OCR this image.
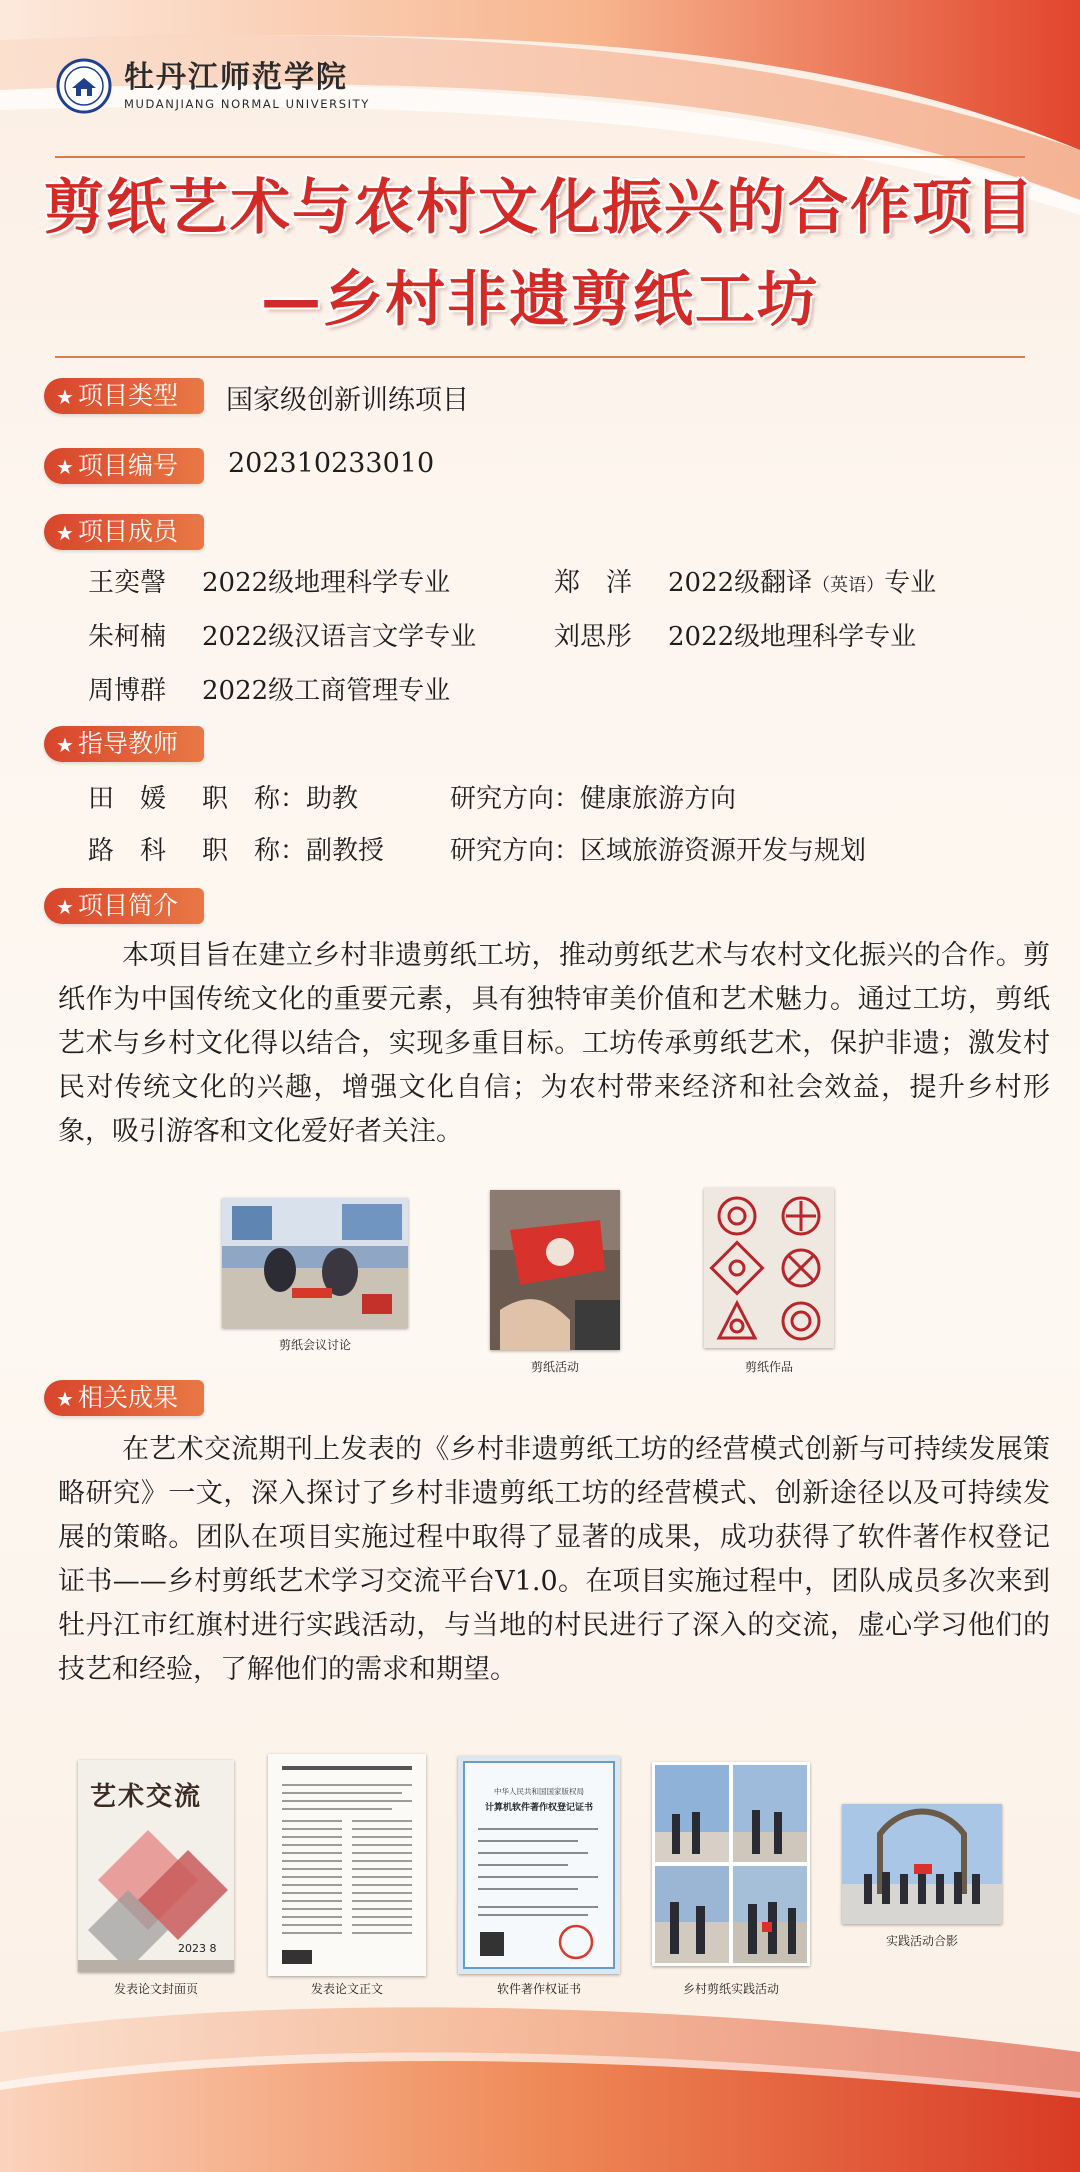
牡丹江师范学院
MUDANJIANG NORMAL UNIVERSITY
剪纸艺术与农村文化振兴的合作项目
—乡村非遗剪纸工坊
★ 项目类型	国家级创新训练项目
★ 项目编号	202310233010
★ 项目成员
王奕謦 2022级地理科学专业	郑　洋 2022级翻译（英语）专业
朱柯楠 2022级汉语言文学专业	刘思彤 2022级地理科学专业
周博群 2022级工商管理专业
★ 指导教师
田　媛 职　称：助教	研究方向：健康旅游方向
路　科 职　称：副教授	研究方向：区域旅游资源开发与规划
★ 项目简介
本项目旨在建立乡村非遗剪纸工坊，推动剪纸艺术与农村文化振兴的合作。剪纸作为中国传统文化的重要元素，具有独特审美价值和艺术魅力。通过工坊，剪纸艺术与乡村文化得以结合，实现多重目标。工坊传承剪纸艺术，保护非遗；激发村民对传统文化的兴趣，增强文化自信；为农村带来经济和社会效益，提升乡村形象，吸引游客和文化爱好者关注。
剪纸会议讨论
剪纸活动	剪纸作品
★ 相关成果
在艺术交流期刊上发表的《乡村非遗剪纸工坊的经营模式创新与可持续发展策略研究》一文，深入探讨了乡村非遗剪纸工坊的经营模式、创新途径以及可持续发展的策略。团队在项目实施过程中取得了显著的成果，成功获得了软件著作权登记证书——乡村剪纸艺术学习交流平台V1.0。在项目实施过程中，团队成员多次来到牡丹江市红旗村进行实践活动，与当地的村民进行了深入的交流，虚心学习他们的技艺和经验，了解他们的需求和期望。
艺术交流
2023 8
发表论文封面页	发表论文正文
中华人民共和国国家版权局
计算机软件著作权登记证书
软件著作权证书	乡村剪纸实践活动
实践活动合影
